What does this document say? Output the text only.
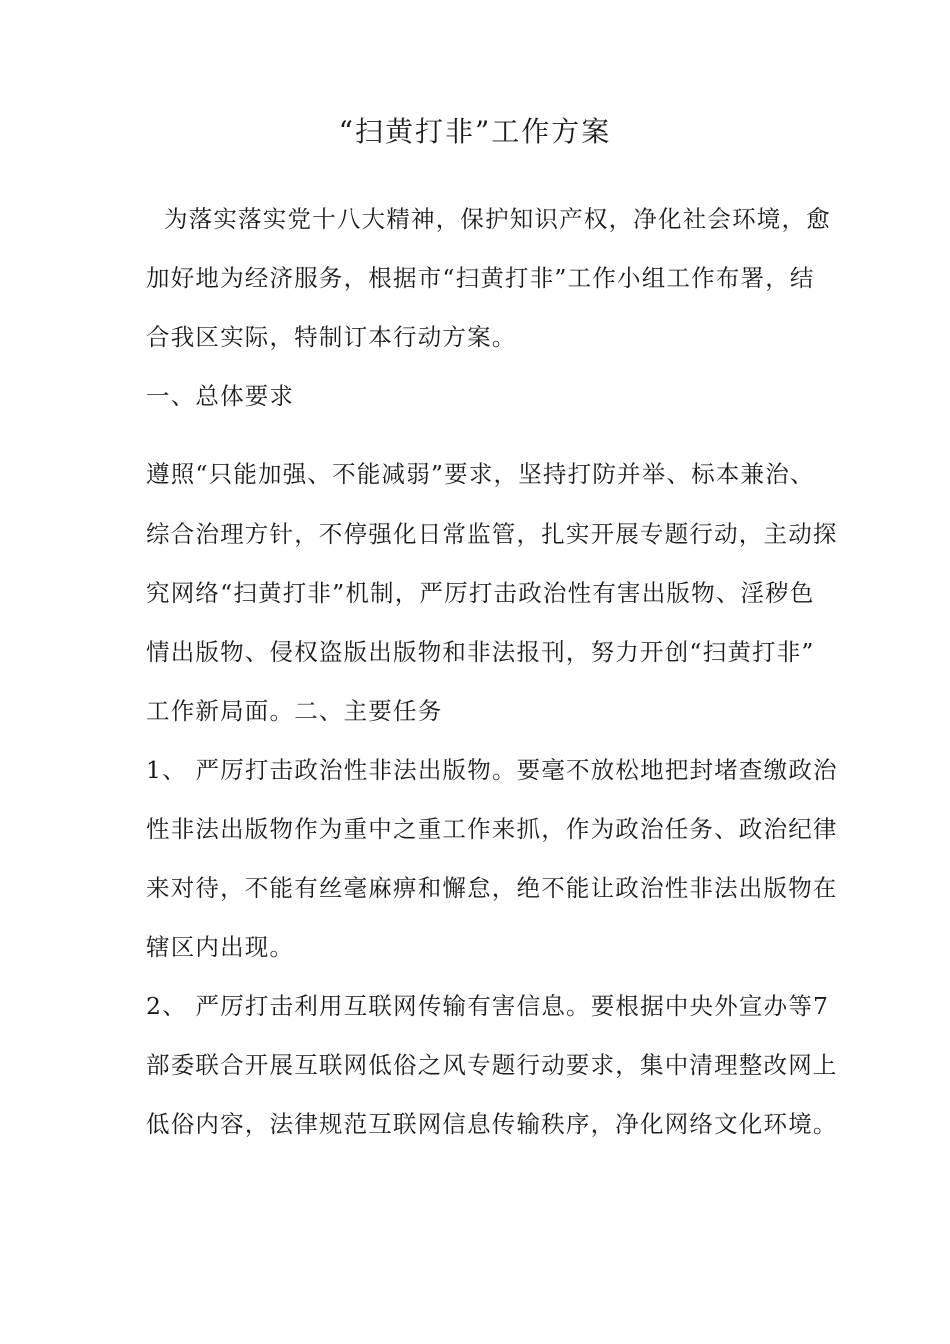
“扫黄打非”工作方案
为落实落实党十八大精神，保护知识产权，净化社会环境，愈
加好地为经济服务，根据市“扫黄打非”工作小组工作布署，结
合我区实际，特制订本行动方案。
一、总体要求
遵照“只能加强、不能减弱”要求，坚持打防并举、标本兼治、
综合治理方针，不停强化日常监管，扎实开展专题行动，主动探
究网络“扫黄打非”机制，严厉打击政治性有害出版物、淫秽色
情出版物、侵权盗版出版物和非法报刊，努力开创“扫黄打非”
工作新局面。二、主要任务
1、 严厉打击政治性非法出版物。要毫不放松地把封堵查缴政治
性非法出版物作为重中之重工作来抓，作为政治任务、政治纪律
来对待，不能有丝毫麻痹和懈怠，绝不能让政治性非法出版物在
辖区内出现。
2、 严厉打击利用互联网传输有害信息。要根据中央外宣办等7
部委联合开展互联网低俗之风专题行动要求，集中清理整改网上
低俗内容，法律规范互联网信息传输秩序，净化网络文化环境。
